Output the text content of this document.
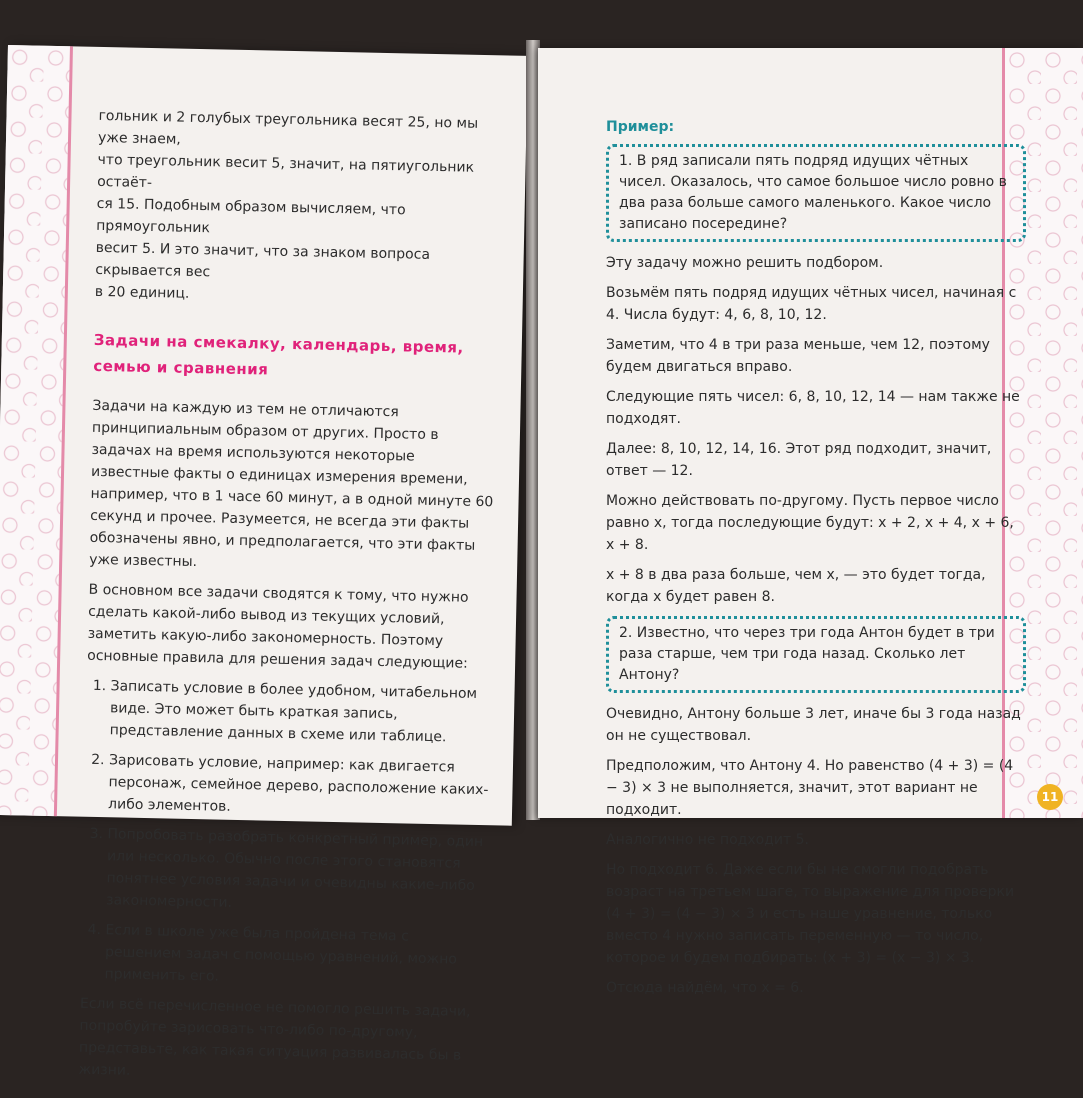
гольник и 2 голубых треугольника весят 25, но мы уже знаем,
что треугольник весит 5, значит, на пятиугольник остаёт-
ся 15. Подобным образом вычисляем, что прямоугольник
весит 5. И это значит, что за знаком вопроса скрывается вес
в 20 единиц.

Задачи на смекалку, календарь, время,
семью и сравнения

Задачи на каждую из тем не отличаются принципиальным образом от других. Просто в задачах на время используются некоторые известные факты о единицах измерения времени, например, что в 1 часе 60 минут, а в одной минуте 60 секунд и прочее. Разумеется, не всегда эти факты обозначены явно, и предполагается, что эти факты уже известны.

В основном все задачи сводятся к тому, что нужно сделать какой-либо вывод из текущих условий, заметить какую-либо закономерность. Поэтому основные правила для решения задач следующие:

1. Записать условие в более удобном, читабельном виде. Это может быть краткая запись, представление данных в схеме или таблице.
2. Зарисовать условие, например: как двигается персонаж, семейное дерево, расположение каких-либо элементов.
3. Попробовать разобрать конкретный пример, один или несколько. Обычно после этого становятся понятнее условия задачи и очевидны какие-либо закономерности.
4. Если в школе уже была пройдена тема с решением задач с помощью уравнений, можно применить его.

Если всё перечисленное не помогло решить задачи, попробуйте зарисовать что-либо по-другому, представьте, как такая ситуация развивалась бы в жизни.

Пример:
1. В ряд записали пять подряд идущих чётных чисел. Оказалось, что самое большое число ровно в два раза больше самого маленького. Какое число записано посередине?

Эту задачу можно решить подбором.

Возьмём пять подряд идущих чётных чисел, начиная с 4. Числа будут: 4, 6, 8, 10, 12.

Заметим, что 4 в три раза меньше, чем 12, поэтому будем двигаться вправо.

Следующие пять чисел: 6, 8, 10, 12, 14 — нам также не подходят.

Далее: 8, 10, 12, 14, 16. Этот ряд подходит, значит, ответ — 12.

Можно действовать по-другому. Пусть первое число равно x, тогда последующие будут: x + 2, x + 4, x + 6, x + 8.

x + 8 в два раза больше, чем x, — это будет тогда, когда x будет равен 8.

2. Известно, что через три года Антон будет в три раза старше, чем три года назад. Сколько лет Антону?

Очевидно, Антону больше 3 лет, иначе бы 3 года назад он не существовал.

Предположим, что Антону 4. Но равенство (4 + 3) = (4 − 3) × 3 не выполняется, значит, этот вариант не подходит.

Аналогично не подходит 5.

Но подходит 6. Даже если бы не смогли подобрать возраст на третьем шаге, то выражение для проверки (4 + 3) = (4 − 3) × 3 и есть наше уравнение, только вместо 4 нужно записать переменную — то число, которое и будем подбирать: (x + 3) = (x − 3) × 3.

Отсюда найдём, что x = 6.

11
